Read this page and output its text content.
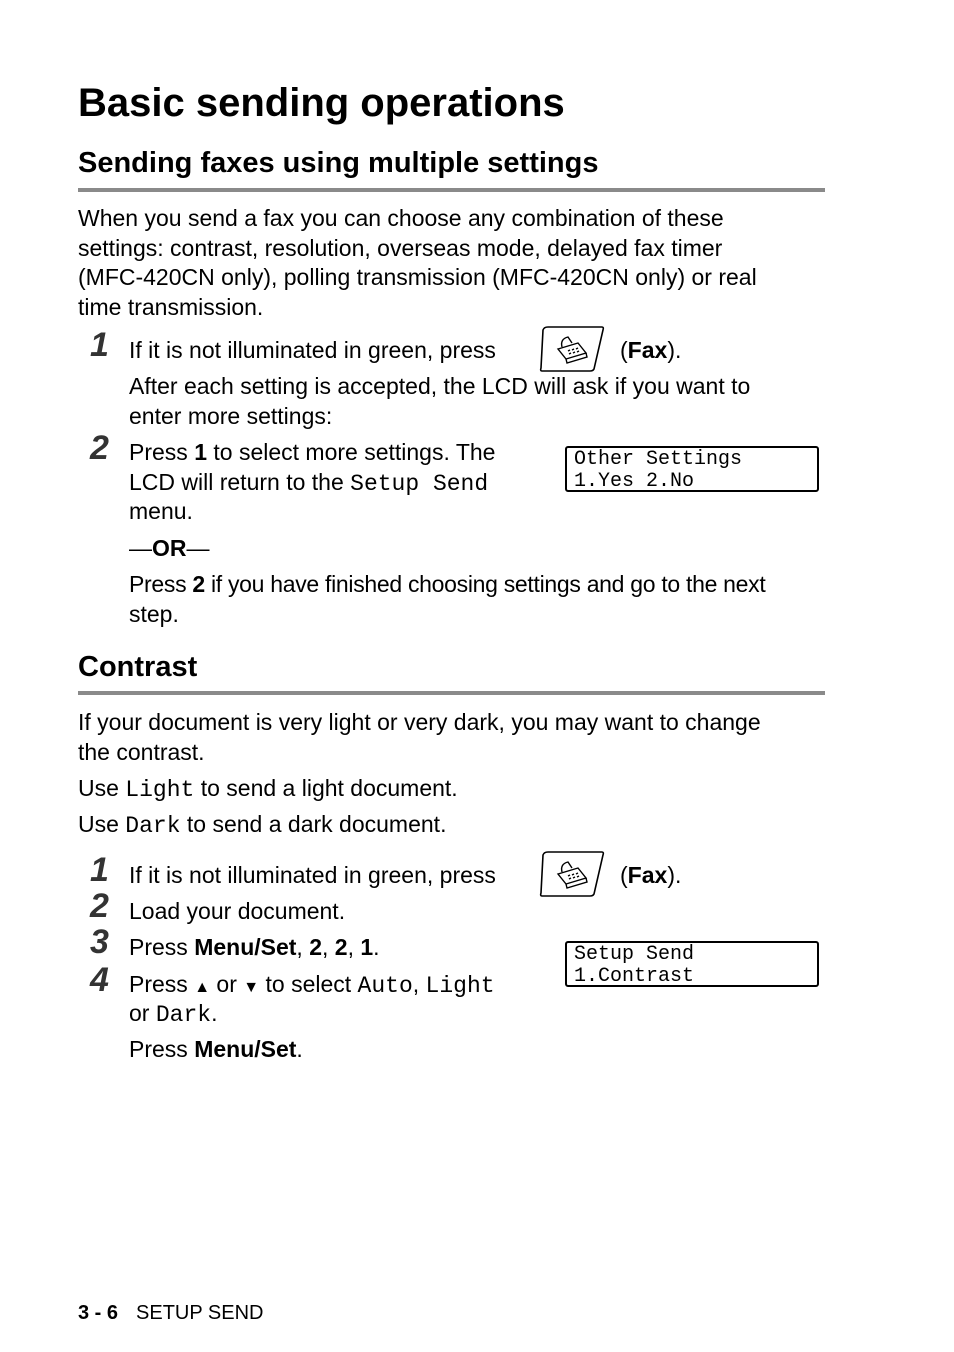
Basic sending operations
Sending faxes using multiple settings
When you send a fax you can choose any combination of these
settings: contrast, resolution, overseas mode, delayed fax timer
(MFC-420CN only), polling transmission (MFC-420CN only) or real
time transmission.
1 If it is not illuminated in green, press	(Fax).
After each setting is accepted, the LCD will ask if you want to
enter more settings:
2 Press 1 to select more settings. The
LCD will return to the Setup Send
menu.
Other Settings
1.Yes 2.No
—OR—
Press 2 if you have finished choosing settings and go to the next
step.
Contrast
If your document is very light or very dark, you may want to change
the contrast.
Use Light to send a light document.
Use Dark to send a dark document.
1 If it is not illuminated in green, press	(Fax).
2 Load your document.
3 Press Menu/Set, 2, 2, 1.	Setup Send
1.Contrast
4 Press ▲ or ▼ to select Auto, Light
or Dark.
Press Menu/Set.
3 - 6 SETUP SEND
